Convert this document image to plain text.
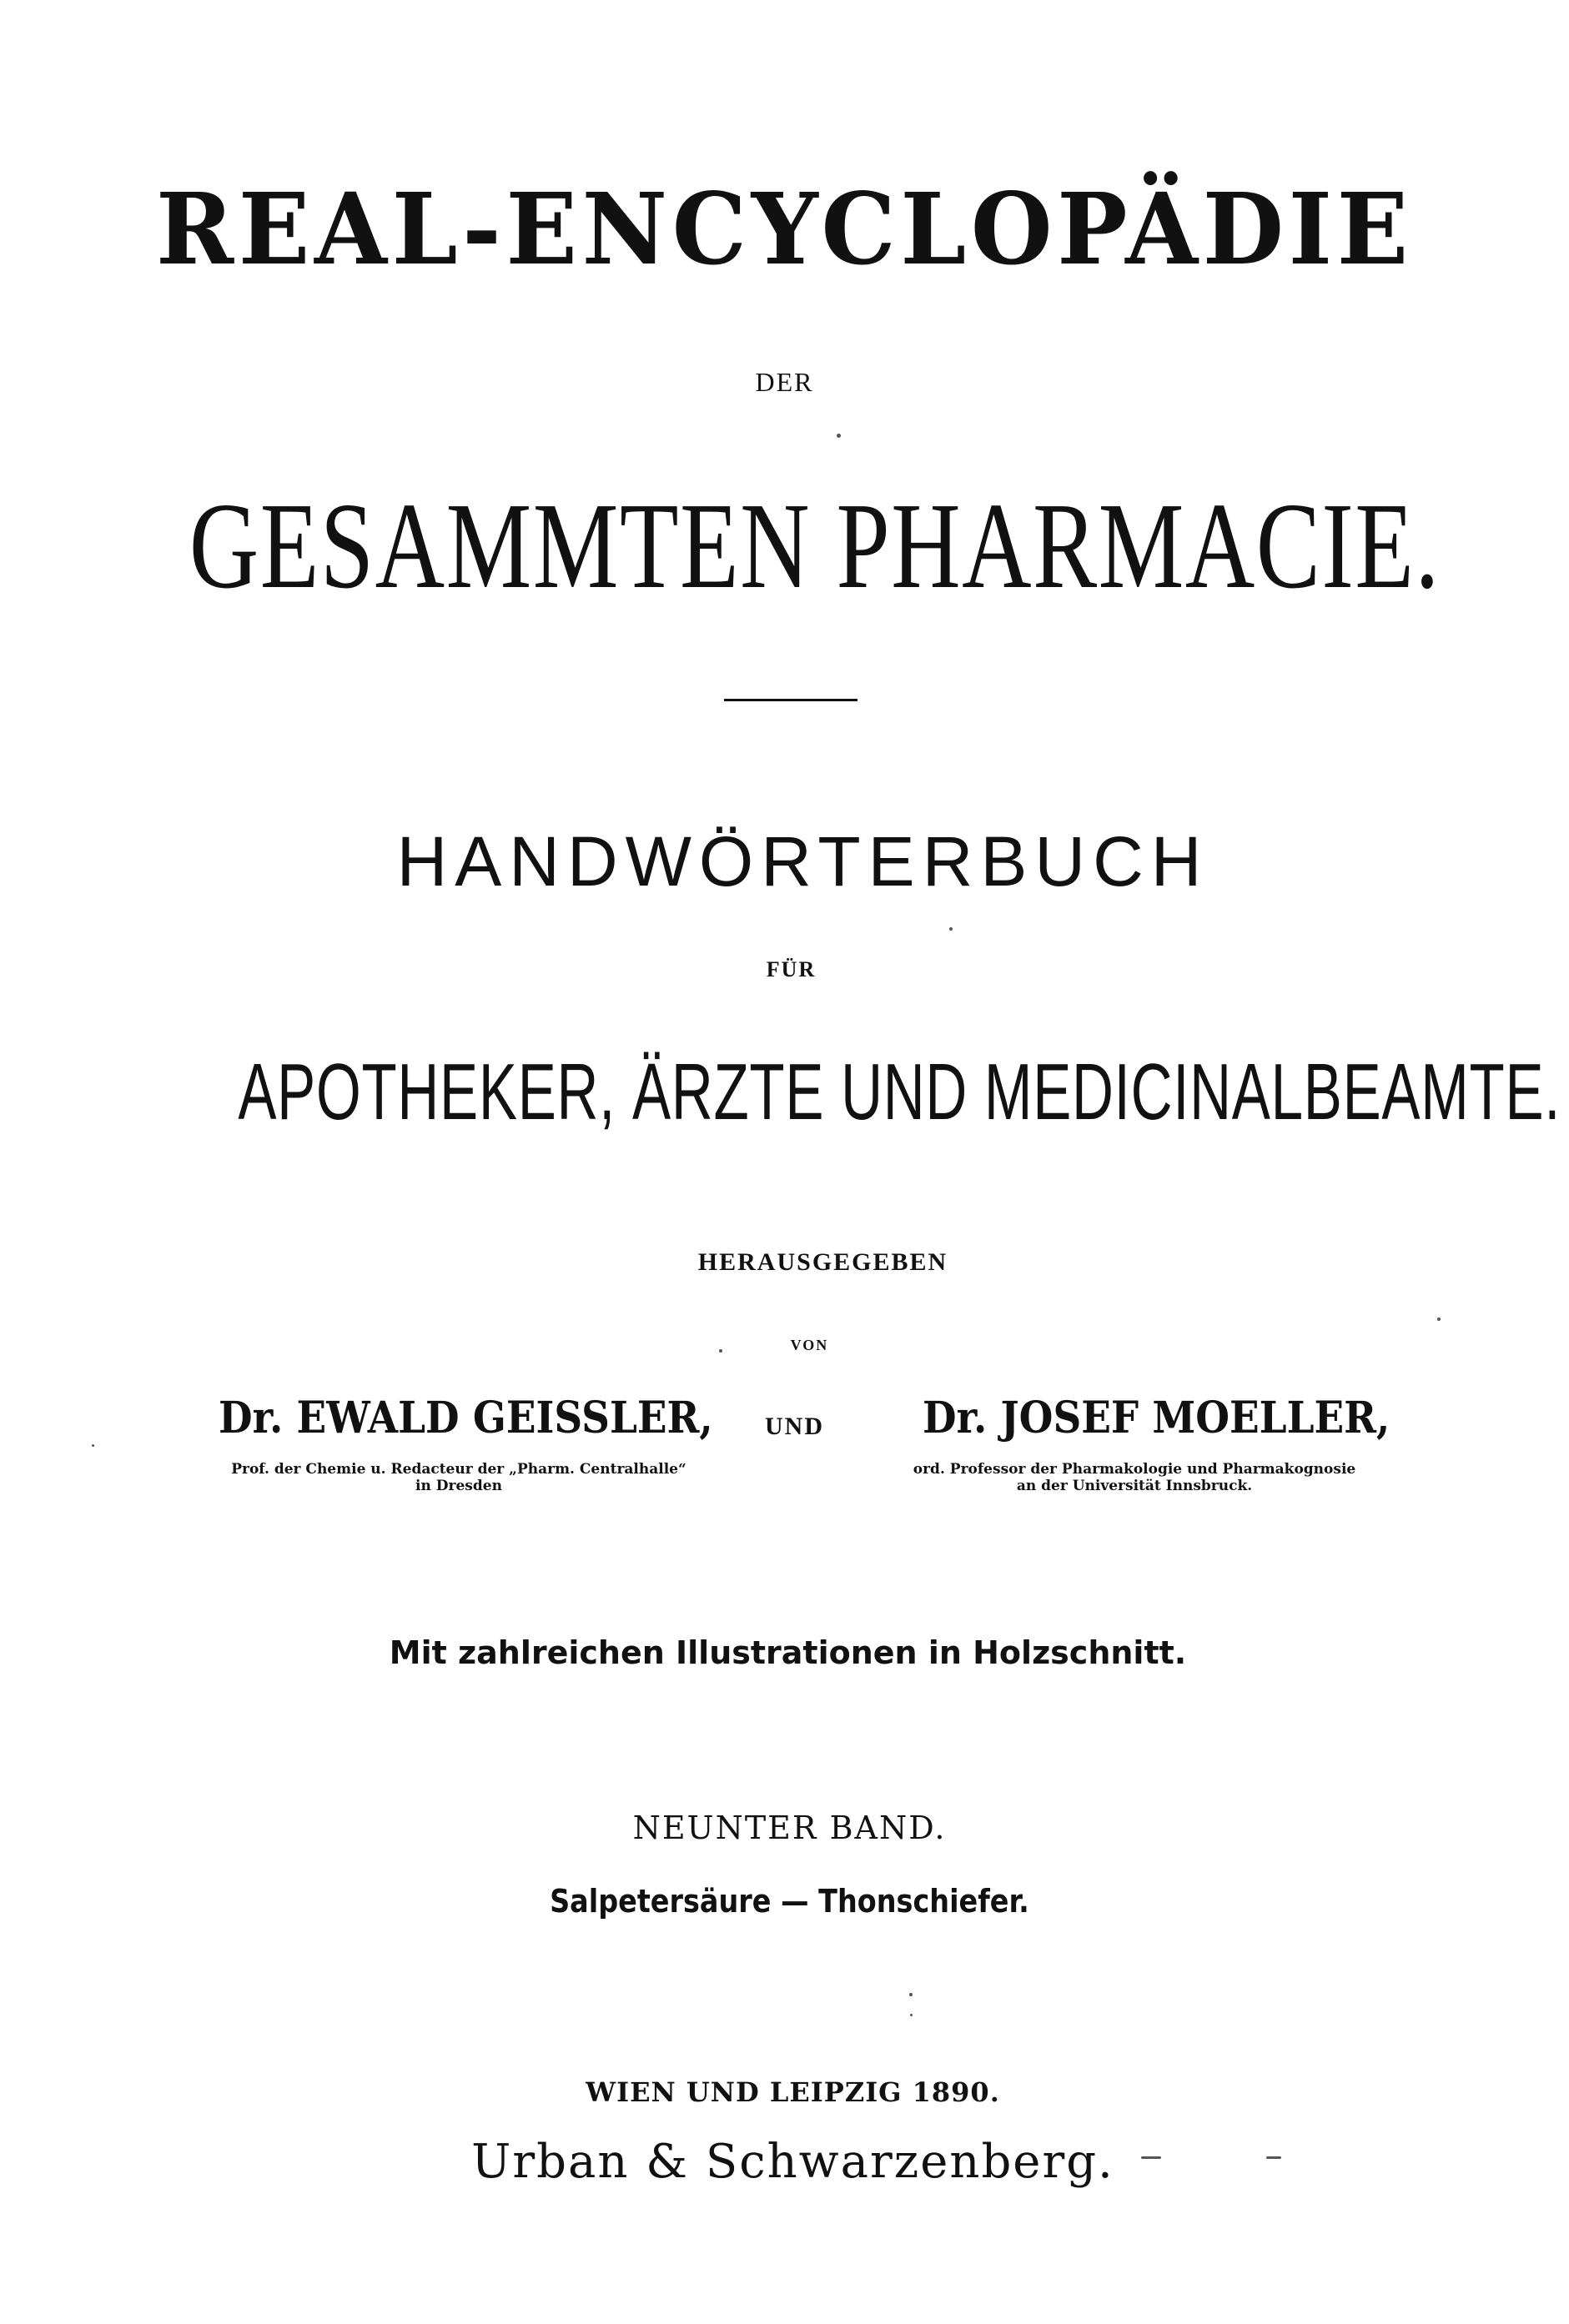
REAL-ENCYCLOPÄDIE
DER
GESAMMTEN PHARMACIE.
HANDWÖRTERBUCH
FÜR
APOTHEKER, ÄRZTE UND MEDICINALBEAMTE.
HERAUSGEGEBEN
VON
Dr. EWALD GEISSLER, UND Dr. JOSEF MOELLER,
Prof. der Chemie u. Redacteur der „Pharm. Centralhalle“
in Dresden
ord. Professor der Pharmakologie und Pharmakognosie
an der Universität Innsbruck.
Mit zahlreichen Illustrationen in Holzschnitt.
NEUNTER BAND.
Salpetersäure — Thonschiefer.
WIEN UND LEIPZIG 1890.
Urban & Schwarzenberg.
